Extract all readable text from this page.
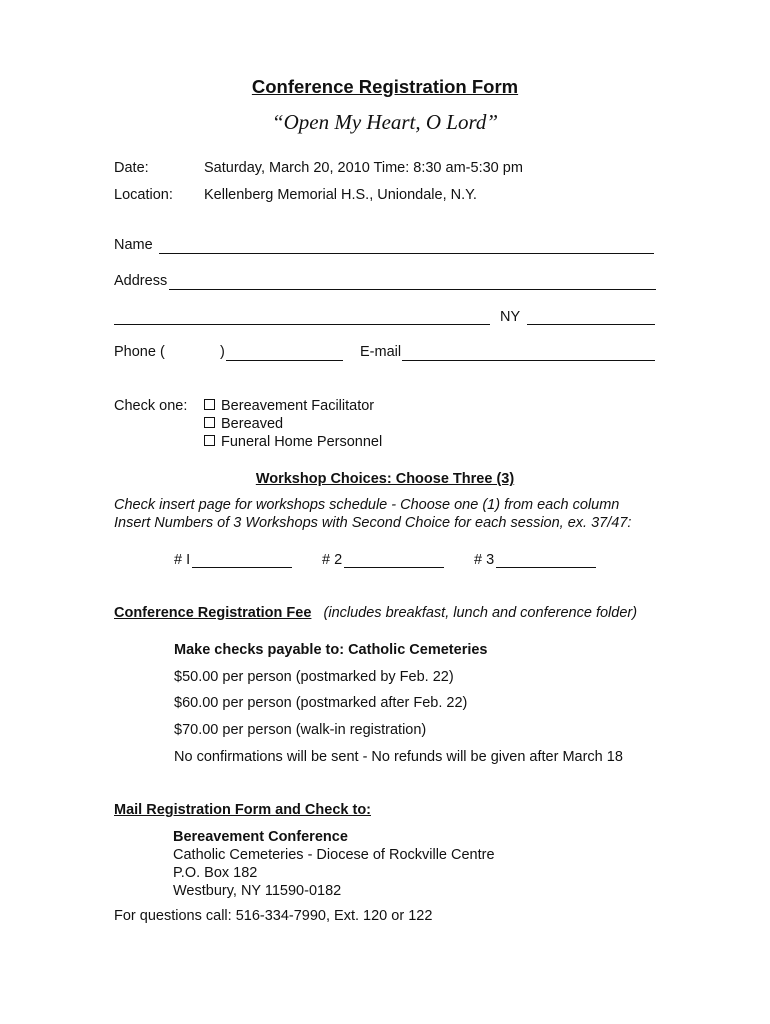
Conference Registration Form
“Open My Heart, O Lord”
Date:	Saturday, March 20, 2010 Time: 8:30 am-5:30 pm
Location: Kellenberg Memorial H.S., Uniondale, N.Y.
Name
Address
NY
Phone (	)	E-mail
Check one:	Bereavement Facilitator
Bereaved
Funeral Home Personnel
Workshop Choices: Choose Three (3)
Check insert page for workshops schedule - Choose one (1) from each column
Insert Numbers of 3 Workshops with Second Choice for each session, ex. 37/47:
# I	# 2	# 3
Conference Registration Fee (includes breakfast, lunch and conference folder)
Make checks payable to: Catholic Cemeteries
$50.00 per person (postmarked by Feb. 22)
$60.00 per person (postmarked after Feb. 22)
$70.00 per person (walk-in registration)
No confirmations will be sent - No refunds will be given after March 18
Mail Registration Form and Check to:
Bereavement Conference
Catholic Cemeteries - Diocese of Rockville Centre
P.O. Box 182
Westbury, NY 11590-0182
For questions call: 516-334-7990, Ext. 120 or 122
